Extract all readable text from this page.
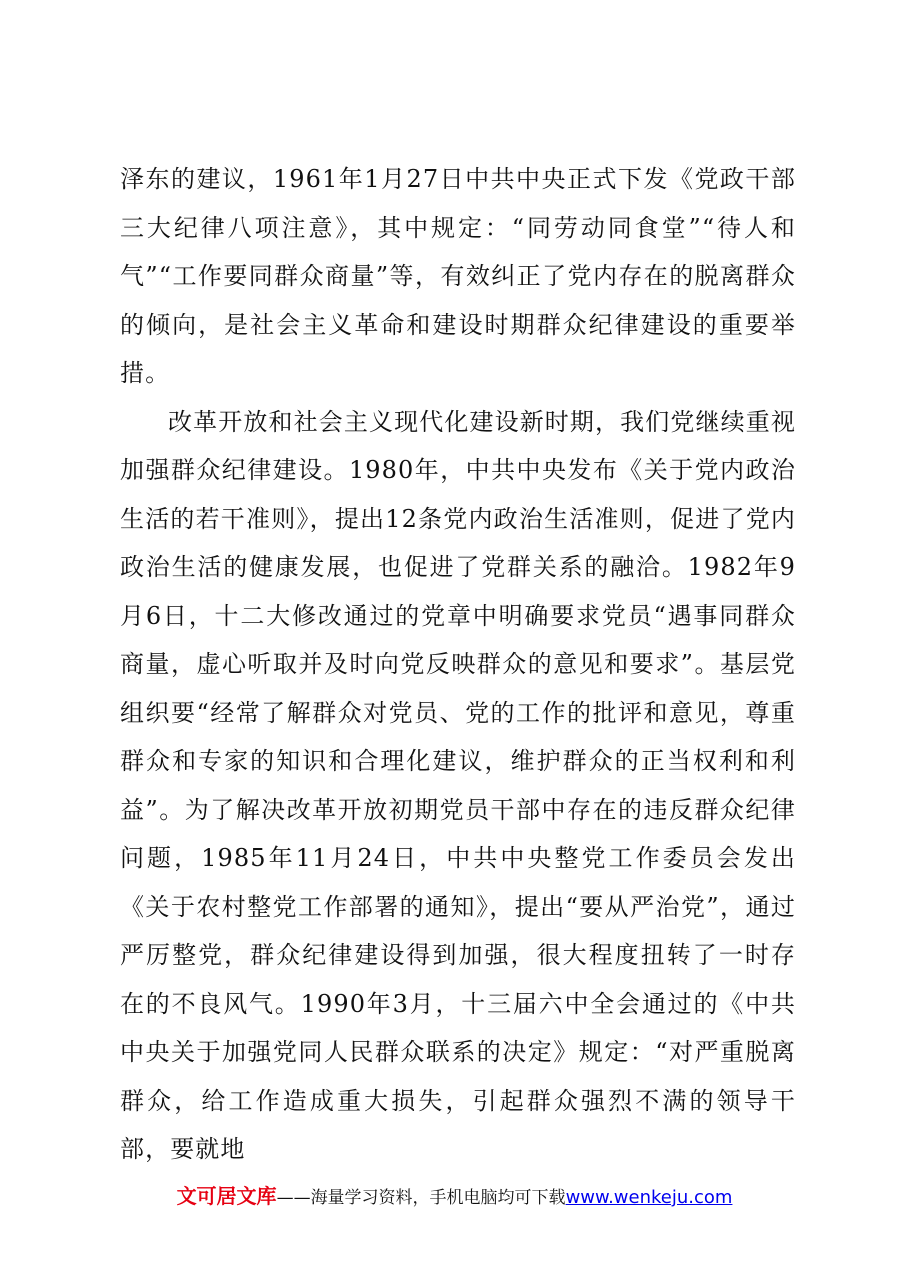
泽东的建议，1961年1月27日中共中央正式下发《党政干部三大纪律八项注意》，其中规定：“同劳动同食堂”“待人和气”“工作要同群众商量”等，有效纠正了党内存在的脱离群众的倾向，是社会主义革命和建设时期群众纪律建设的重要举措。

改革开放和社会主义现代化建设新时期，我们党继续重视加强群众纪律建设。1980年，中共中央发布《关于党内政治生活的若干准则》，提出12条党内政治生活准则，促进了党内政治生活的健康发展，也促进了党群关系的融洽。1982年9月6日，十二大修改通过的党章中明确要求党员“遇事同群众商量，虚心听取并及时向党反映群众的意见和要求”。基层党组织要“经常了解群众对党员、党的工作的批评和意见，尊重群众和专家的知识和合理化建议，维护群众的正当权利和利益”。为了解决改革开放初期党员干部中存在的违反群众纪律问题，1985年11月24日，中共中央整党工作委员会发出《关于农村整党工作部署的通知》，提出“要从严治党”，通过严厉整党，群众纪律建设得到加强，很大程度扭转了一时存在的不良风气。1990年3月，十三届六中全会通过的《中共中央关于加强党同人民群众联系的决定》规定：“对严重脱离群众，给工作造成重大损失，引起群众强烈不满的领导干部，要就地

文可居文库——海量学习资料，手机电脑均可下载www.wenkeju.com
